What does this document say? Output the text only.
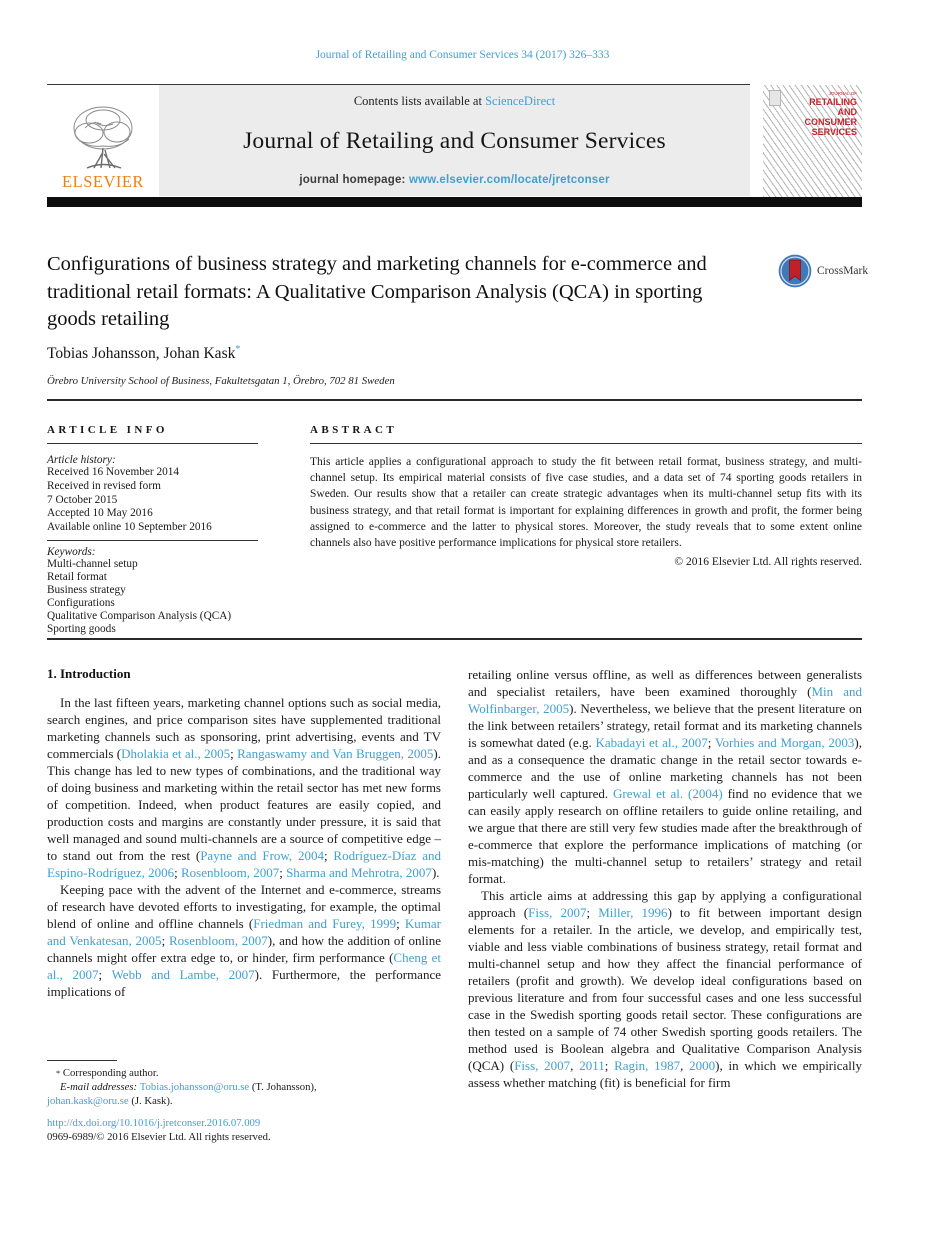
Journal of Retailing and Consumer Services 34 (2017) 326–333
ELSEVIER
Contents lists available at ScienceDirect
Journal of Retailing and Consumer Services
journal homepage: www.elsevier.com/locate/jretconser
JOURNAL OF
RETAILING
AND
CONSUMER
SERVICES
Configurations of business strategy and marketing channels for e-commerce and traditional retail formats: A Qualitative Comparison Analysis (QCA) in sporting goods retailing
CrossMark
Tobias Johansson, Johan Kask*
Örebro University School of Business, Fakultetsgatan 1, Örebro, 702 81 Sweden
ARTICLE INFO	ABSTRACT
Article history:
Received 16 November 2014
Received in revised form
7 October 2015
Accepted 10 May 2016
Available online 10 September 2016
Keywords:
Multi-channel setup
Retail format
Business strategy
Configurations
Qualitative Comparison Analysis (QCA)
Sporting goods
This article applies a configurational approach to study the fit between retail format, business strategy, and multi-channel setup. Its empirical material consists of five case studies, and a data set of 74 sporting goods retailers in Sweden. Our results show that a retailer can create strategic advantages when its multi-channel setup fits with its business strategy, and that retail format is important for explaining differences in growth and profit, the former being assigned to e-commerce and the latter to physical stores. Moreover, the study reveals that to some extent online channels also have positive performance implications for physical store retailers.
© 2016 Elsevier Ltd. All rights reserved.
1. Introduction

In the last fifteen years, marketing channel options such as social media, search engines, and price comparison sites have supplemented traditional marketing channels such as sponsoring, print advertising, events and TV commercials (Dholakia et al., 2005; Rangaswamy and Van Bruggen, 2005). This change has led to new types of combinations, and the traditional way of doing business and marketing within the retail sector has met new forms of competition. Indeed, when product features are easily copied, and production costs and margins are constantly under pressure, it is said that well managed and sound multi-channels are a source of competitive edge – to stand out from the rest (Payne and Frow, 2004; Rodríguez-Díaz and Espino-Rodríguez, 2006; Rosenbloom, 2007; Sharma and Mehrotra, 2007).

Keeping pace with the advent of the Internet and e-commerce, streams of research have devoted efforts to investigating, for example, the optimal blend of online and offline channels (Friedman and Furey, 1999; Kumar and Venkatesan, 2005; Rosenbloom, 2007), and how the addition of online channels might offer extra edge to, or hinder, firm performance (Cheng et al., 2007; Webb and Lambe, 2007). Furthermore, the performance implications of

retailing online versus offline, as well as differences between generalists and specialist retailers, have been examined thoroughly (Min and Wolfinbarger, 2005). Nevertheless, we believe that the present literature on the link between retailers’ strategy, retail format and its marketing channels is somewhat dated (e.g. Kabadayi et al., 2007; Vorhies and Morgan, 2003), and as a consequence the dramatic change in the retail sector towards e-commerce and the use of online marketing channels has not been particularly well captured. Grewal et al. (2004) find no evidence that we can easily apply research on offline retailers to guide online retailing, and we argue that there are still very few studies made after the breakthrough of e-commerce that explore the performance implications of matching (or mis-matching) the multi-channel setup to retailers’ strategy and retail format.

This article aims at addressing this gap by applying a configurational approach (Fiss, 2007; Miller, 1996) to fit between important design elements for a retailer. In the article, we develop, and empirically test, viable and less viable combinations of business strategy, retail format and multi-channel setup and how they affect the financial performance of retailers (profit and growth). We develop ideal configurations based on previous literature and from four successful cases and one less successful case in the Swedish sporting goods retail sector. These configurations are then tested on a sample of 74 other Swedish sporting goods retailers. The method used is Boolean algebra and Qualitative Comparison Analysis (QCA) (Fiss, 2007, 2011; Ragin, 1987, 2000), in which we empirically assess whether matching (fit) is beneficial for firm

* Corresponding author.
E-mail addresses: Tobias.johansson@oru.se (T. Johansson),
johan.kask@oru.se (J. Kask).
http://dx.doi.org/10.1016/j.jretconser.2016.07.009
0969-6989/© 2016 Elsevier Ltd. All rights reserved.
